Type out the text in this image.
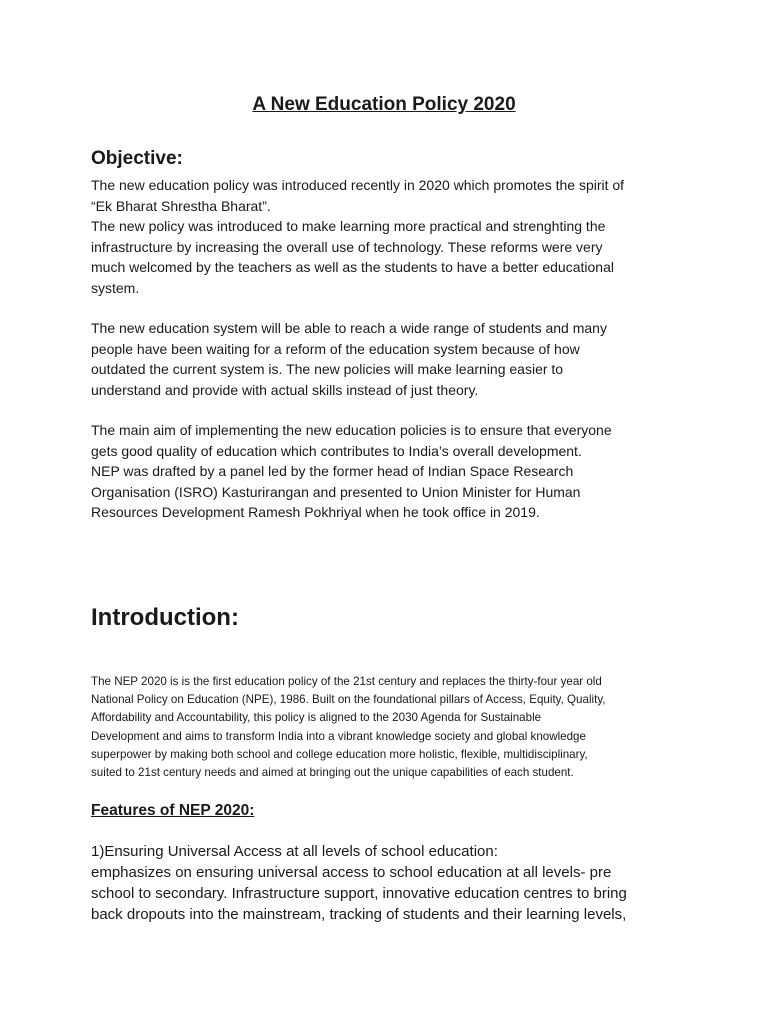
A New Education Policy 2020
Objective:

The new education policy was introduced recently in 2020 which promotes the spirit of
“Ek Bharat Shrestha Bharat”.
The new policy was introduced to make learning more practical and strenghting the
infrastructure by increasing the overall use of technology. These reforms were very
much welcomed by the teachers as well as the students to have a better educational
system.

The new education system will be able to reach a wide range of students and many
people have been waiting for a reform of the education system because of how
outdated the current system is. The new policies will make learning easier to
understand and provide with actual skills instead of just theory.

The main aim of implementing the new education policies is to ensure that everyone
gets good quality of education which contributes to India’s overall development.
NEP was drafted by a panel led by the former head of Indian Space Research
Organisation (ISRO) Kasturirangan and presented to Union Minister for Human
Resources Development Ramesh Pokhriyal when he took office in 2019.

Introduction:

The NEP 2020 is is the first education policy of the 21st century and replaces the thirty-four year old
National Policy on Education (NPE), 1986. Built on the foundational pillars of Access, Equity, Quality,
Affordability and Accountability, this policy is aligned to the 2030 Agenda for Sustainable
Development and aims to transform India into a vibrant knowledge society and global knowledge
superpower by making both school and college education more holistic, flexible, multidisciplinary,
suited to 21st century needs and aimed at bringing out the unique capabilities of each student.

Features of NEP 2020:

1)Ensuring Universal Access at all levels of school education:
emphasizes on ensuring universal access to school education at all levels- pre
school to secondary. Infrastructure support, innovative education centres to bring
back dropouts into the mainstream, tracking of students and their learning levels,
